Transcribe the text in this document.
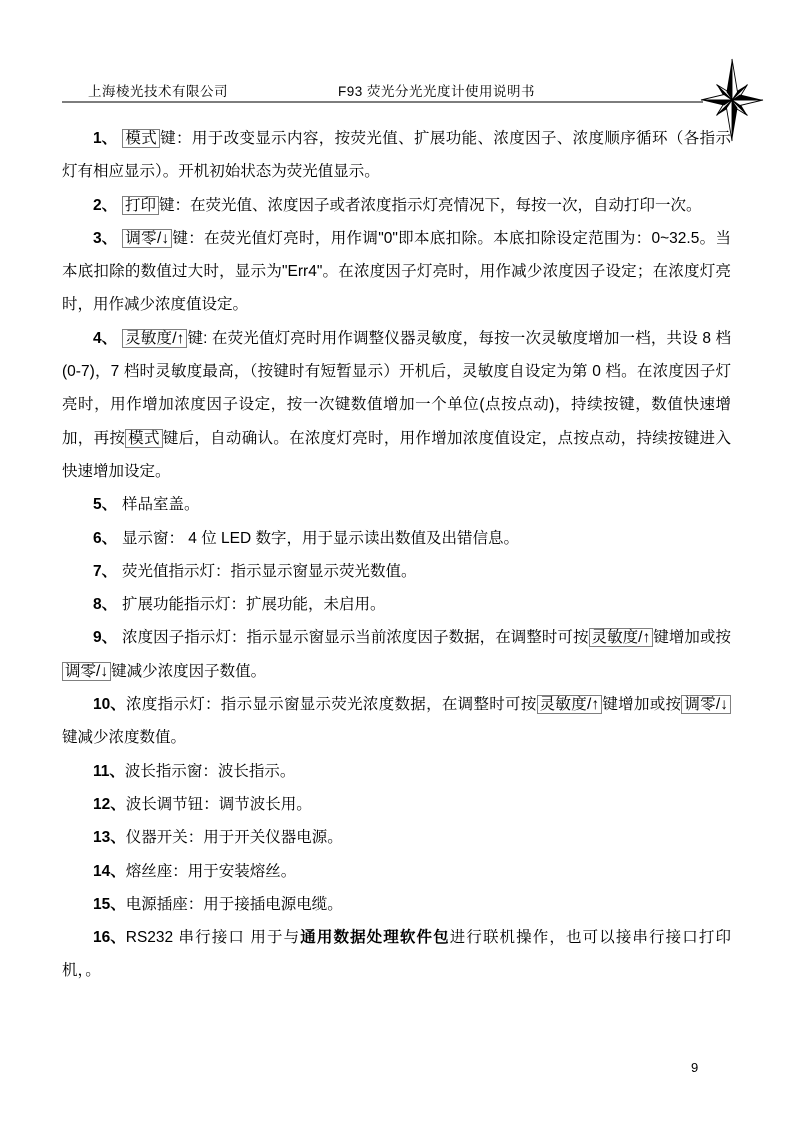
上海棱光技术有限公司	F93 荧光分光光度计使用说明书

1、 模式 键：用于改变显示内容，按荧光值、扩展功能、浓度因子、浓度顺序循环（各指示灯有相应显示）。开机初始状态为荧光值显示。

2、 打印 键：在荧光值、浓度因子或者浓度指示灯亮情况下，每按一次，自动打印一次。

3、 调零/↓ 键：在荧光值灯亮时，用作调"0"即本底扣除。本底扣除设定范围为：0~32.5。当本底扣除的数值过大时，显示为"Err4"。在浓度因子灯亮时，用作减少浓度因子设定；在浓度灯亮时，用作减少浓度值设定。

4、 灵敏度/↑ 键: 在荧光值灯亮时用作调整仪器灵敏度，每按一次灵敏度增加一档，共设 8 档(0-7)，7 档时灵敏度最高，（按键时有短暂显示）开机后，灵敏度自设定为第 0 档。在浓度因子灯亮时，用作增加浓度因子设定，按一次键数值增加一个单位(点按点动)，持续按键，数值快速增加，再按 模式 键后，自动确认。在浓度灯亮时，用作增加浓度值设定，点按点动，持续按键进入快速增加设定。

5、 样品室盖。

6、 显示窗： 4 位 LED 数字，用于显示读出数值及出错信息。

7、 荧光值指示灯：指示显示窗显示荧光数值。

8、 扩展功能指示灯：扩展功能，未启用。

9、 浓度因子指示灯：指示显示窗显示当前浓度因子数据，在调整时可按 灵敏度/↑ 键增加或按调零/↓ 键减少浓度因子数值。

10、浓度指示灯：指示显示窗显示荧光浓度数据，在调整时可按 灵敏度/↑ 键增加或按 调零/↓键减少浓度数值。

11、波长指示窗：波长指示。

12、波长调节钮：调节波长用。

13、仪器开关：用于开关仪器电源。

14、熔丝座：用于安装熔丝。

15、电源插座：用于接插电源电缆。

16、RS232 串行接口 用于与通用数据处理软件包进行联机操作，也可以接串行接口打印机，。

9
